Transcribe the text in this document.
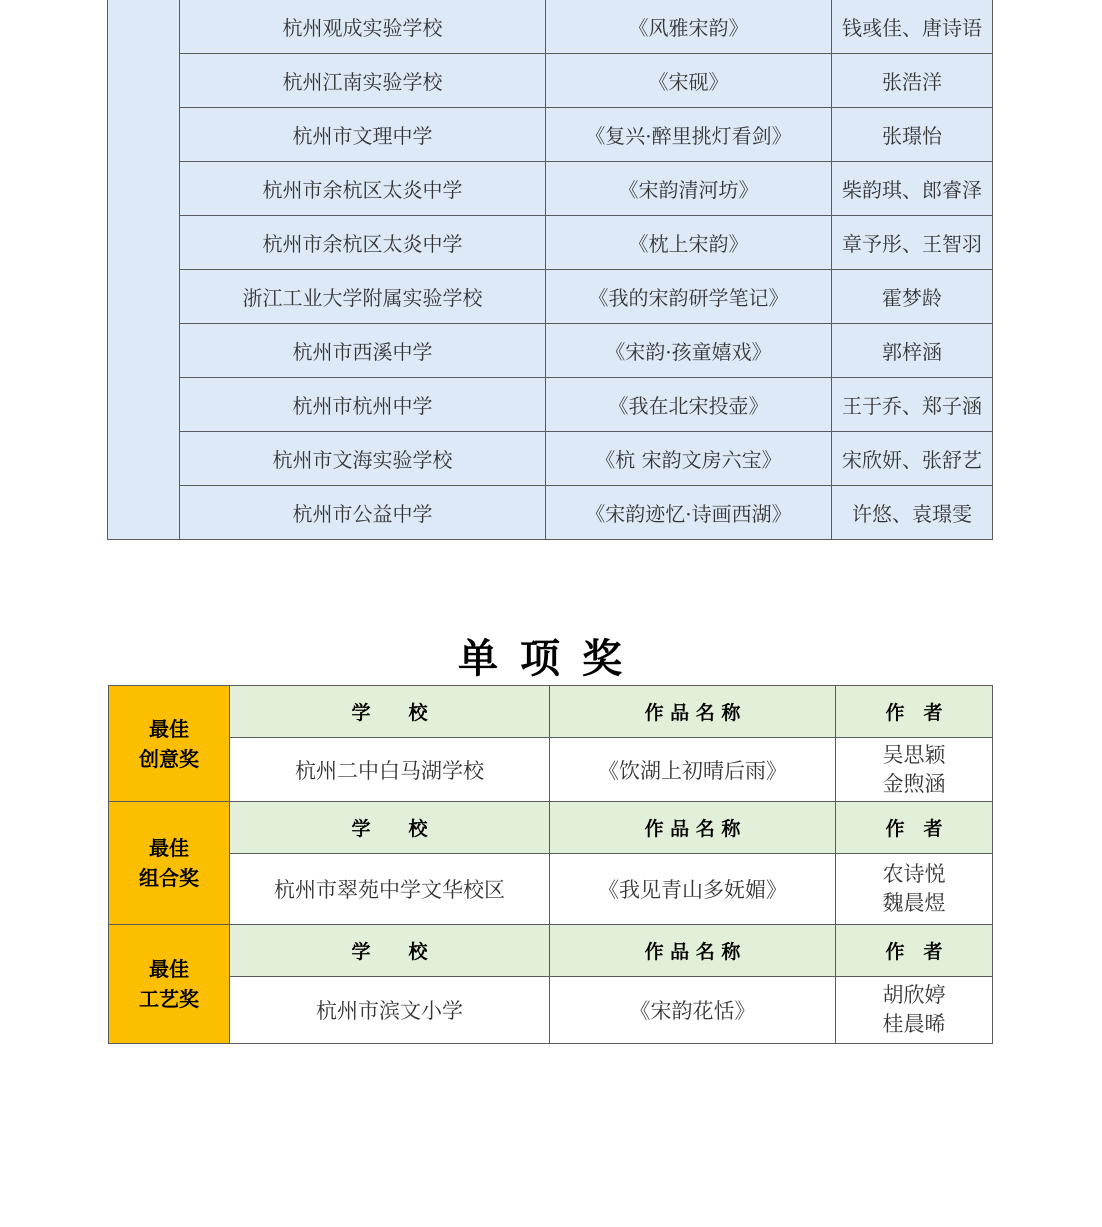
	杭州观成实验学校	《风雅宋韵》	钱彧佳、唐诗语
	杭州江南实验学校	《宋砚》	张浩洋
	杭州市文理中学	《复兴·醉里挑灯看剑》	张璟怡
	杭州市余杭区太炎中学	《宋韵清河坊》	柴韵琪、郎睿泽
	杭州市余杭区太炎中学	《枕上宋韵》	章予彤、王智羽
	浙江工业大学附属实验学校	《我的宋韵研学笔记》	霍梦龄
	杭州市西溪中学	《宋韵·孩童嬉戏》	郭梓涵
	杭州市杭州中学	《我在北宋投壶》	王于乔、郑子涵
	杭州市文海实验学校	《杭 宋韵文房六宝》	宋欣妍、张舒艺
	杭州市公益中学	《宋韵迹忆·诗画西湖》	许悠、袁璟雯
单项奖
最佳
创意奖	学　　校	作 品 名 称	作　者
	杭州二中白马湖学校	《饮湖上初晴后雨》	吴思颖
金煦涵

最佳
组合奖	学　　校	作 品 名 称	作　者
	杭州市翠苑中学文华校区	《我见青山多妩媚》	农诗悦
魏晨煜

最佳
工艺奖	学　　校	作 品 名 称	作　者
	杭州市滨文小学	《宋韵花恬》	胡欣婷
桂晨晞
